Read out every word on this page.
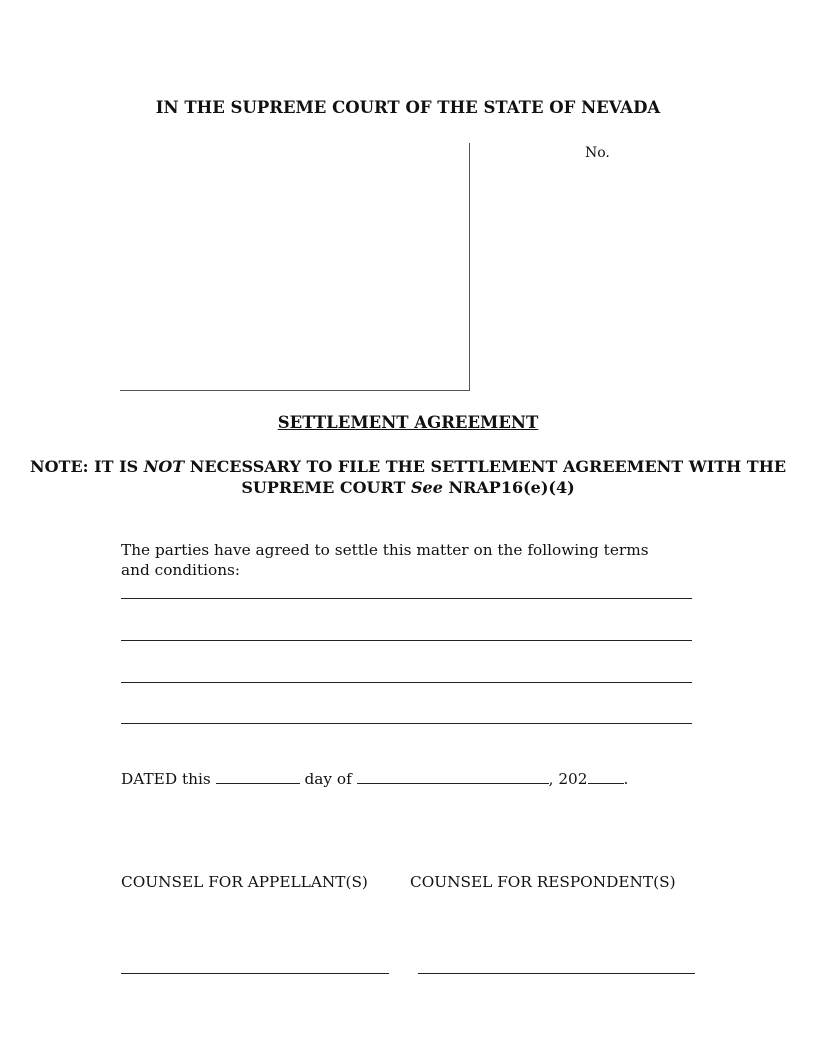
IN THE SUPREME COURT OF THE STATE OF NEVADA
No.
SETTLEMENT AGREEMENT
NOTE: IT IS NOT NECESSARY TO FILE THE SETTLEMENT AGREEMENT WITH THE SUPREME COURT See NRAP16(e)(4)
The parties have agreed to settle this matter on the following terms and conditions:
DATED this	day of	, 202 .
COUNSEL FOR APPELLANT(S)	COUNSEL FOR RESPONDENT(S)
